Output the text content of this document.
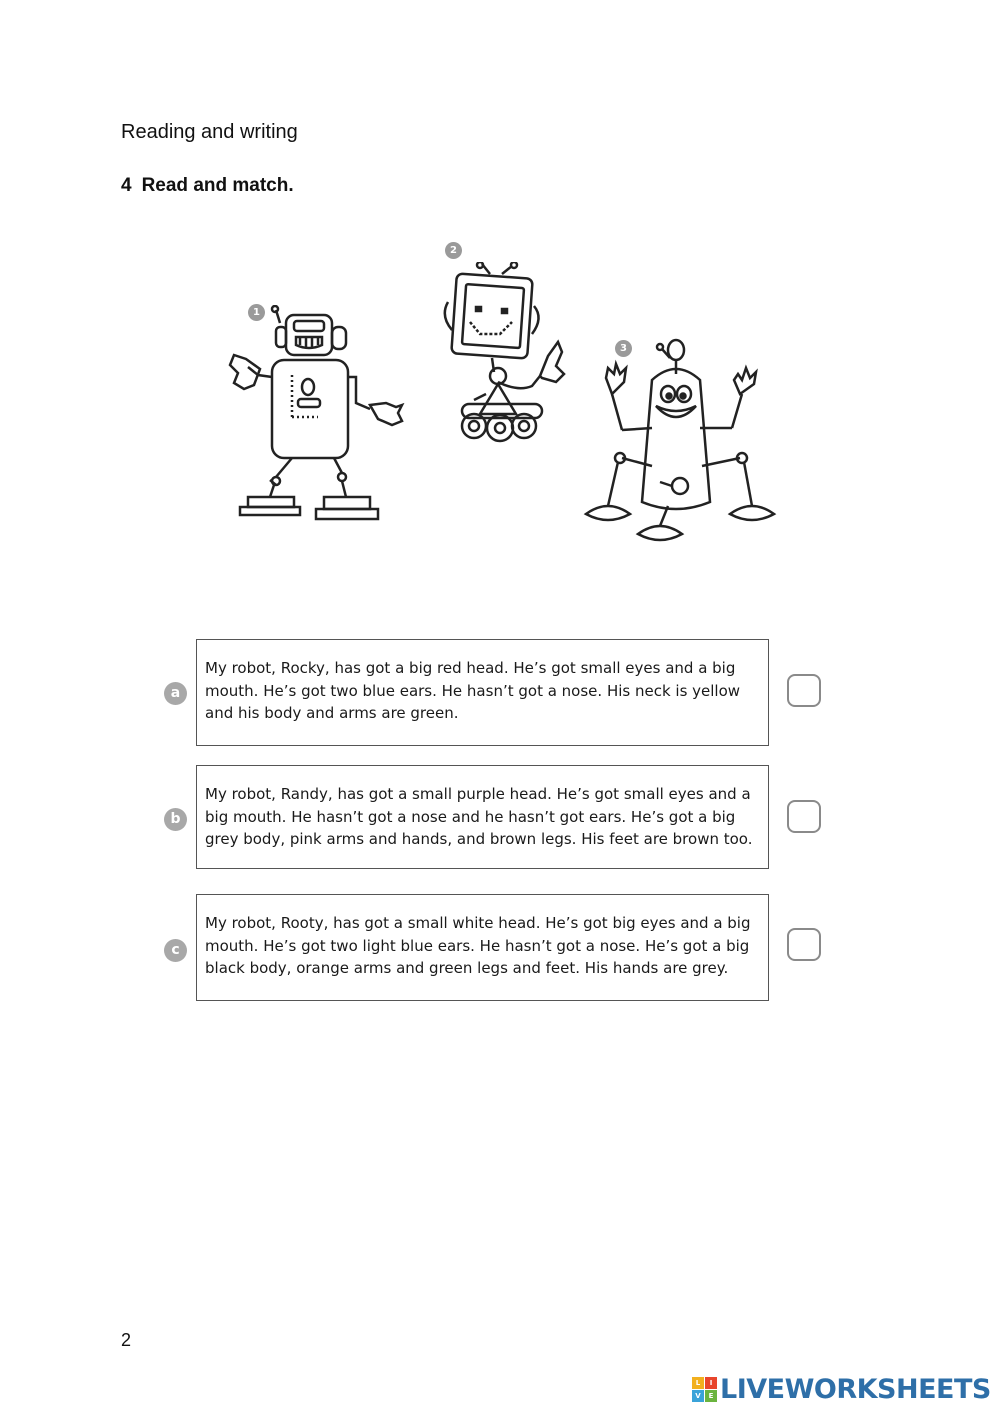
Reading and writing
4 Read and match.
1
2
3
a
My robot, Rocky, has got a big red head. He’s got small eyes and a big mouth. He’s got two blue ears. He hasn’t got a nose. His neck is yellow and his body and arms are green.
b
My robot, Randy, has got a small purple head. He’s got small eyes and a big mouth. He hasn’t got a nose and he hasn’t got ears. He’s got a big grey body, pink arms and hands, and brown legs. His feet are brown too.
c
My robot, Rooty, has got a small white head. He’s got big eyes and a big mouth. He’s got two light blue ears. He hasn’t got a nose. He’s got a big black body, orange arms and green legs and feet. His hands are grey.
2
L	I
V	E LIVEWORKSHEETS
